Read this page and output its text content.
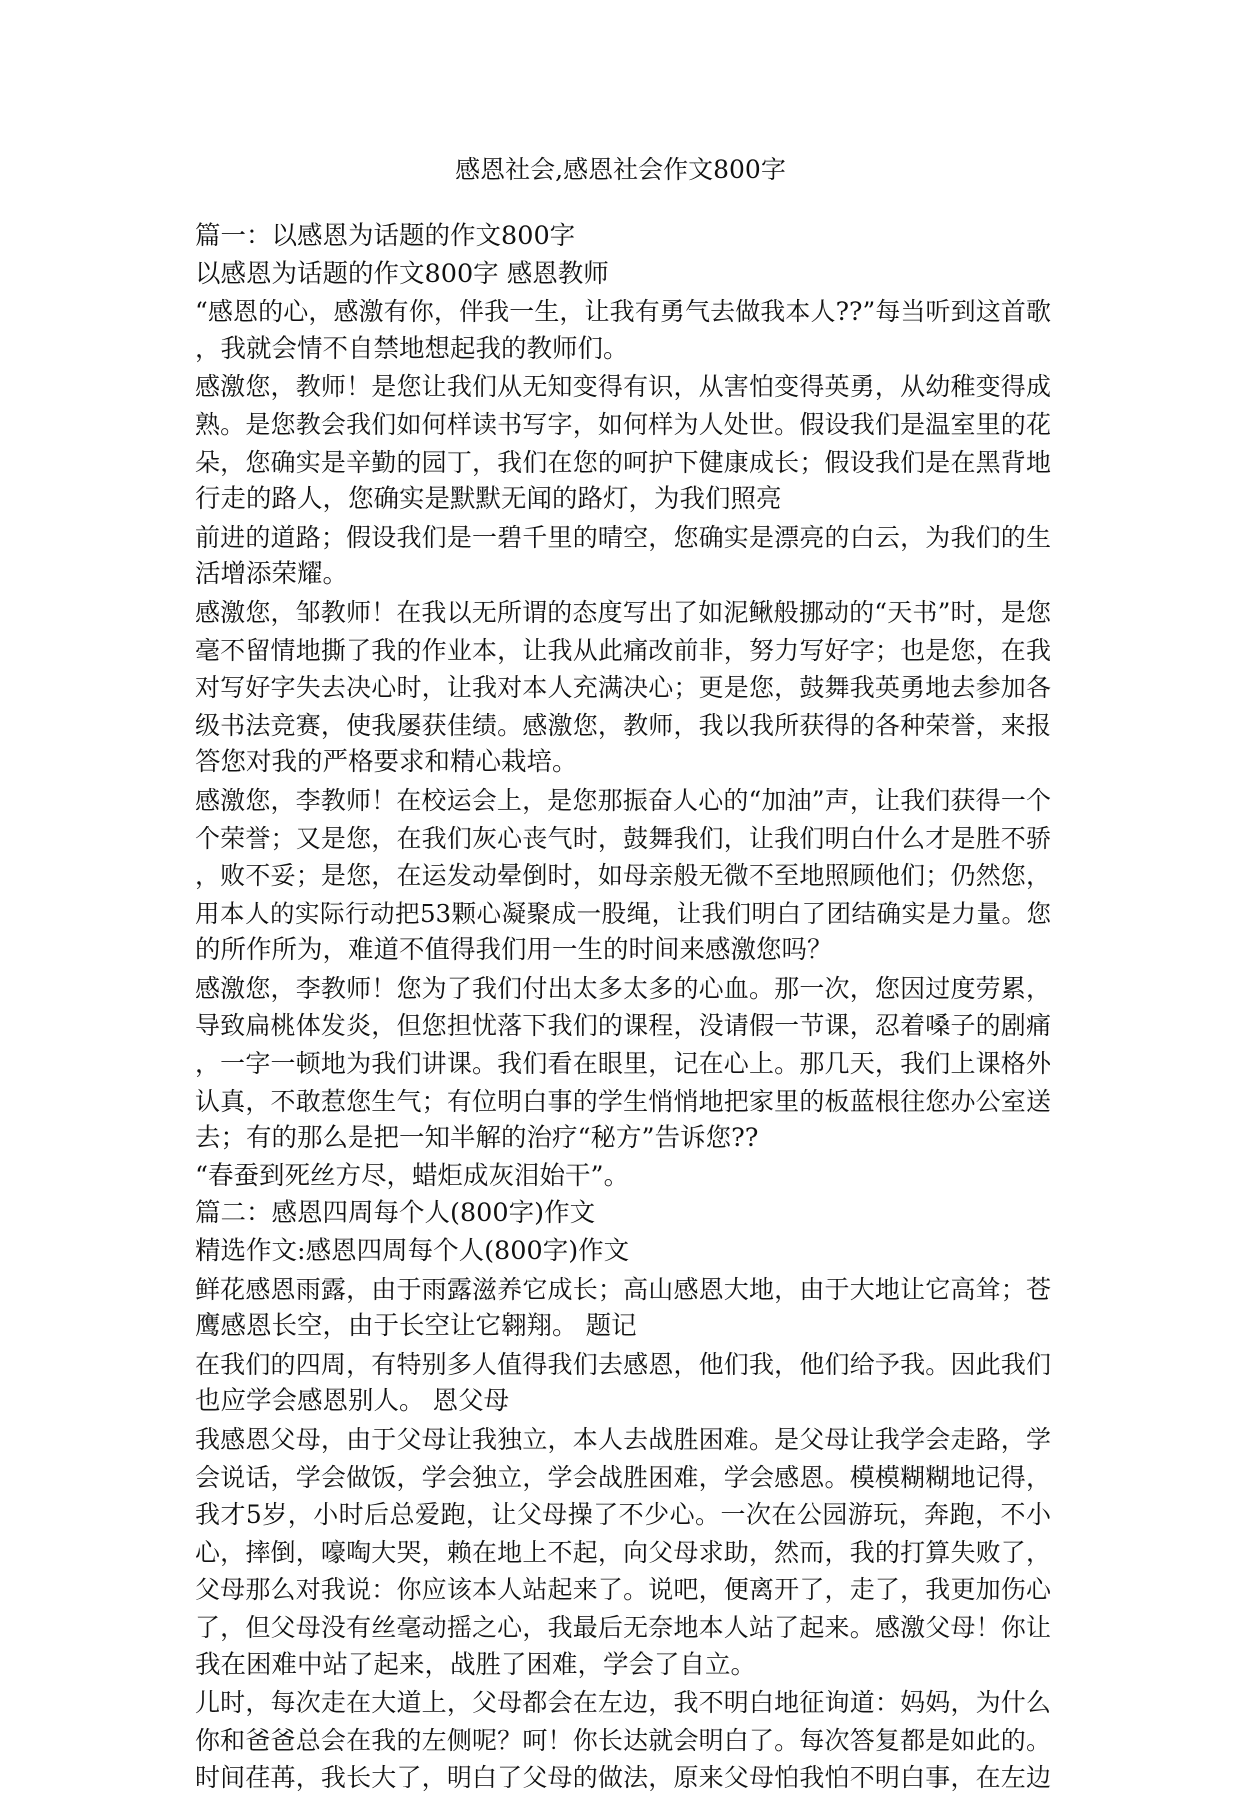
感恩社会,感恩社会作文800字
篇一：以感恩为话题的作文800字
以感恩为话题的作文800字 感恩教师
“感恩的心，感激有你，伴我一生，让我有勇气去做我本人??”每当听到这首歌
，我就会情不自禁地想起我的教师们。
感激您，教师！是您让我们从无知变得有识，从害怕变得英勇，从幼稚变得成
熟。是您教会我们如何样读书写字，如何样为人处世。假设我们是温室里的花
朵，您确实是辛勤的园丁，我们在您的呵护下健康成长；假设我们是在黑背地
行走的路人，您确实是默默无闻的路灯，为我们照亮
前进的道路；假设我们是一碧千里的晴空，您确实是漂亮的白云，为我们的生
活增添荣耀。
感激您，邹教师！在我以无所谓的态度写出了如泥鳅般挪动的“天书”时，是您
毫不留情地撕了我的作业本，让我从此痛改前非，努力写好字；也是您，在我
对写好字失去决心时，让我对本人充满决心；更是您，鼓舞我英勇地去参加各
级书法竞赛，使我屡获佳绩。感激您，教师，我以我所获得的各种荣誉，来报
答您对我的严格要求和精心栽培。
感激您，李教师！在校运会上，是您那振奋人心的“加油”声，让我们获得一个
个荣誉；又是您，在我们灰心丧气时，鼓舞我们，让我们明白什么才是胜不骄
，败不妥；是您，在运发动晕倒时，如母亲般无微不至地照顾他们；仍然您，
用本人的实际行动把53颗心凝聚成一股绳，让我们明白了团结确实是力量。您
的所作所为，难道不值得我们用一生的时间来感激您吗？
感激您，李教师！您为了我们付出太多太多的心血。那一次，您因过度劳累，
导致扁桃体发炎，但您担忧落下我们的课程，没请假一节课，忍着嗓子的剧痛
，一字一顿地为我们讲课。我们看在眼里，记在心上。那几天，我们上课格外
认真，不敢惹您生气；有位明白事的学生悄悄地把家里的板蓝根往您办公室送
去；有的那么是把一知半解的治疗“秘方”告诉您??
“春蚕到死丝方尽，蜡炬成灰泪始干”。
篇二：感恩四周每个人(800字)作文
精选作文:感恩四周每个人(800字)作文
鲜花感恩雨露，由于雨露滋养它成长；高山感恩大地，由于大地让它高耸；苍
鹰感恩长空，由于长空让它翱翔。 题记
在我们的四周，有特别多人值得我们去感恩，他们我，他们给予我。因此我们
也应学会感恩别人。 恩父母
我感恩父母，由于父母让我独立，本人去战胜困难。是父母让我学会走路，学
会说话，学会做饭，学会独立，学会战胜困难，学会感恩。模模糊糊地记得，
我才5岁，小时后总爱跑，让父母操了不少心。一次在公园游玩，奔跑，不小
心，摔倒，嚎啕大哭，赖在地上不起，向父母求助，然而，我的打算失败了，
父母那么对我说：你应该本人站起来了。说吧，便离开了，走了，我更加伤心
了，但父母没有丝毫动摇之心，我最后无奈地本人站了起来。感激父母！你让
我在困难中站了起来，战胜了困难，学会了自立。
儿时，每次走在大道上，父母都会在左边，我不明白地征询道：妈妈，为什么
你和爸爸总会在我的左侧呢？呵！你长达就会明白了。每次答复都是如此的。
时间荏苒，我长大了，明白了父母的做法，原来父母怕我怕不明白事，在左边
